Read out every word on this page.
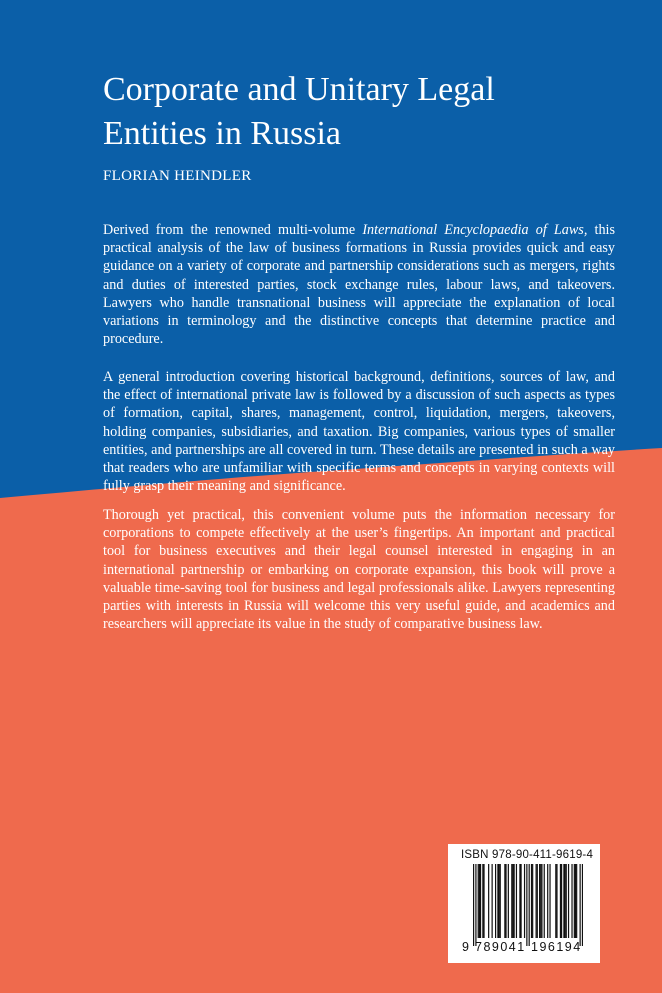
Corporate and Unitary Legal
Entities in Russia

FLORIAN HEINDLER

Derived from the renowned multi-volume International Encyclopaedia of Laws, this practical analysis of the law of business formations in Russia provides quick and easy guidance on a variety of corporate and partnership considerations such as mergers, rights and duties of interested parties, stock exchange rules, labour laws, and takeovers. Lawyers who handle transnational business will appreciate the explanation of local variations in terminology and the distinctive concepts that determine practice and procedure.

A general introduction covering historical background, definitions, sources of law, and the effect of international private law is followed by a discussion of such aspects as types of formation, capital, shares, management, control, liquidation, mergers, takeovers, holding companies, subsidiaries, and taxation. Big companies, various types of smaller entities, and partnerships are all covered in turn. These details are presented in such a way that readers who are unfamiliar with specific terms and concepts in varying contexts will fully grasp their meaning and significance.

Thorough yet practical, this convenient volume puts the information necessary for corporations to compete effectively at the user’s fingertips. An important and practical tool for business executives and their legal counsel interested in engaging in an international partnership or embarking on corporate expansion, this book will prove a valuable time-saving tool for business and legal professionals alike. Lawyers representing parties with interests in Russia will welcome this very useful guide, and academics and researchers will appreciate its value in the study of comparative business law.

ISBN 978-90-411-9619-4
9 789041 196194
